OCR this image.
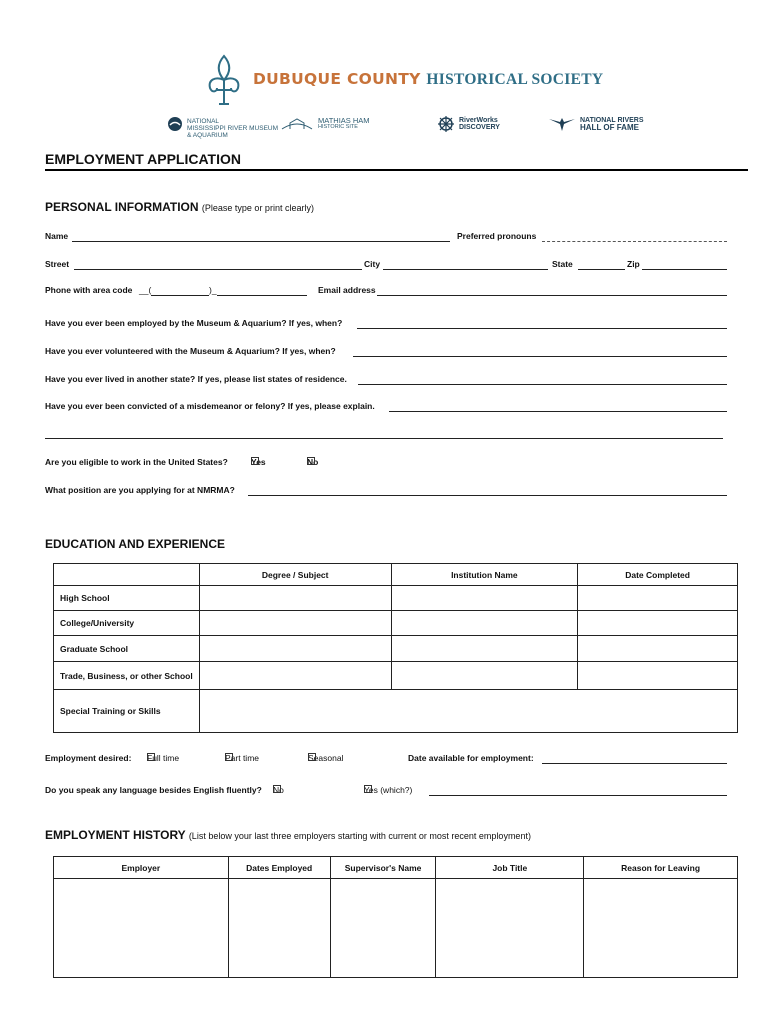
DUBUQUE COUNTY HISTORICAL SOCIETY
NATIONAL
MISSISSIPPI RIVER MUSEUM
& AQUARIUM
MATHIAS HAM
HISTORIC SITE
RiverWorks
DISCOVERY
NATIONAL RIVERS
HALL OF FAME
EMPLOYMENT APPLICATION
PERSONAL INFORMATION (Please type or print clearly)
Name	Preferred pronouns
Street	City	State	Zip
Phone with area code __(	)_	Email address
Have you ever been employed by the Museum & Aquarium? If yes, when?
Have you ever volunteered with the Museum & Aquarium? If yes, when?
Have you ever lived in another state? If yes, please list states of residence.
Have you ever been convicted of a misdemeanor or felony? If yes, please explain.
Are you eligible to work in the United States?	Yes	No
What position are you applying for at NMRMA?
EDUCATION AND EXPERIENCE
	Degree / Subject	Institution Name	Date Completed
High School			
College/University			
Graduate School			
Trade, Business, or other School			
Special Training or Skills			
Employment desired: Full time	Part time	Seasonal	Date available for employment:
Do you speak any language besides English fluently? No	Yes (which?)
EMPLOYMENT HISTORY (List below your last three employers starting with current or most recent employment)
Employer	Dates Employed	Supervisor's Name	Job Title	Reason for Leaving
